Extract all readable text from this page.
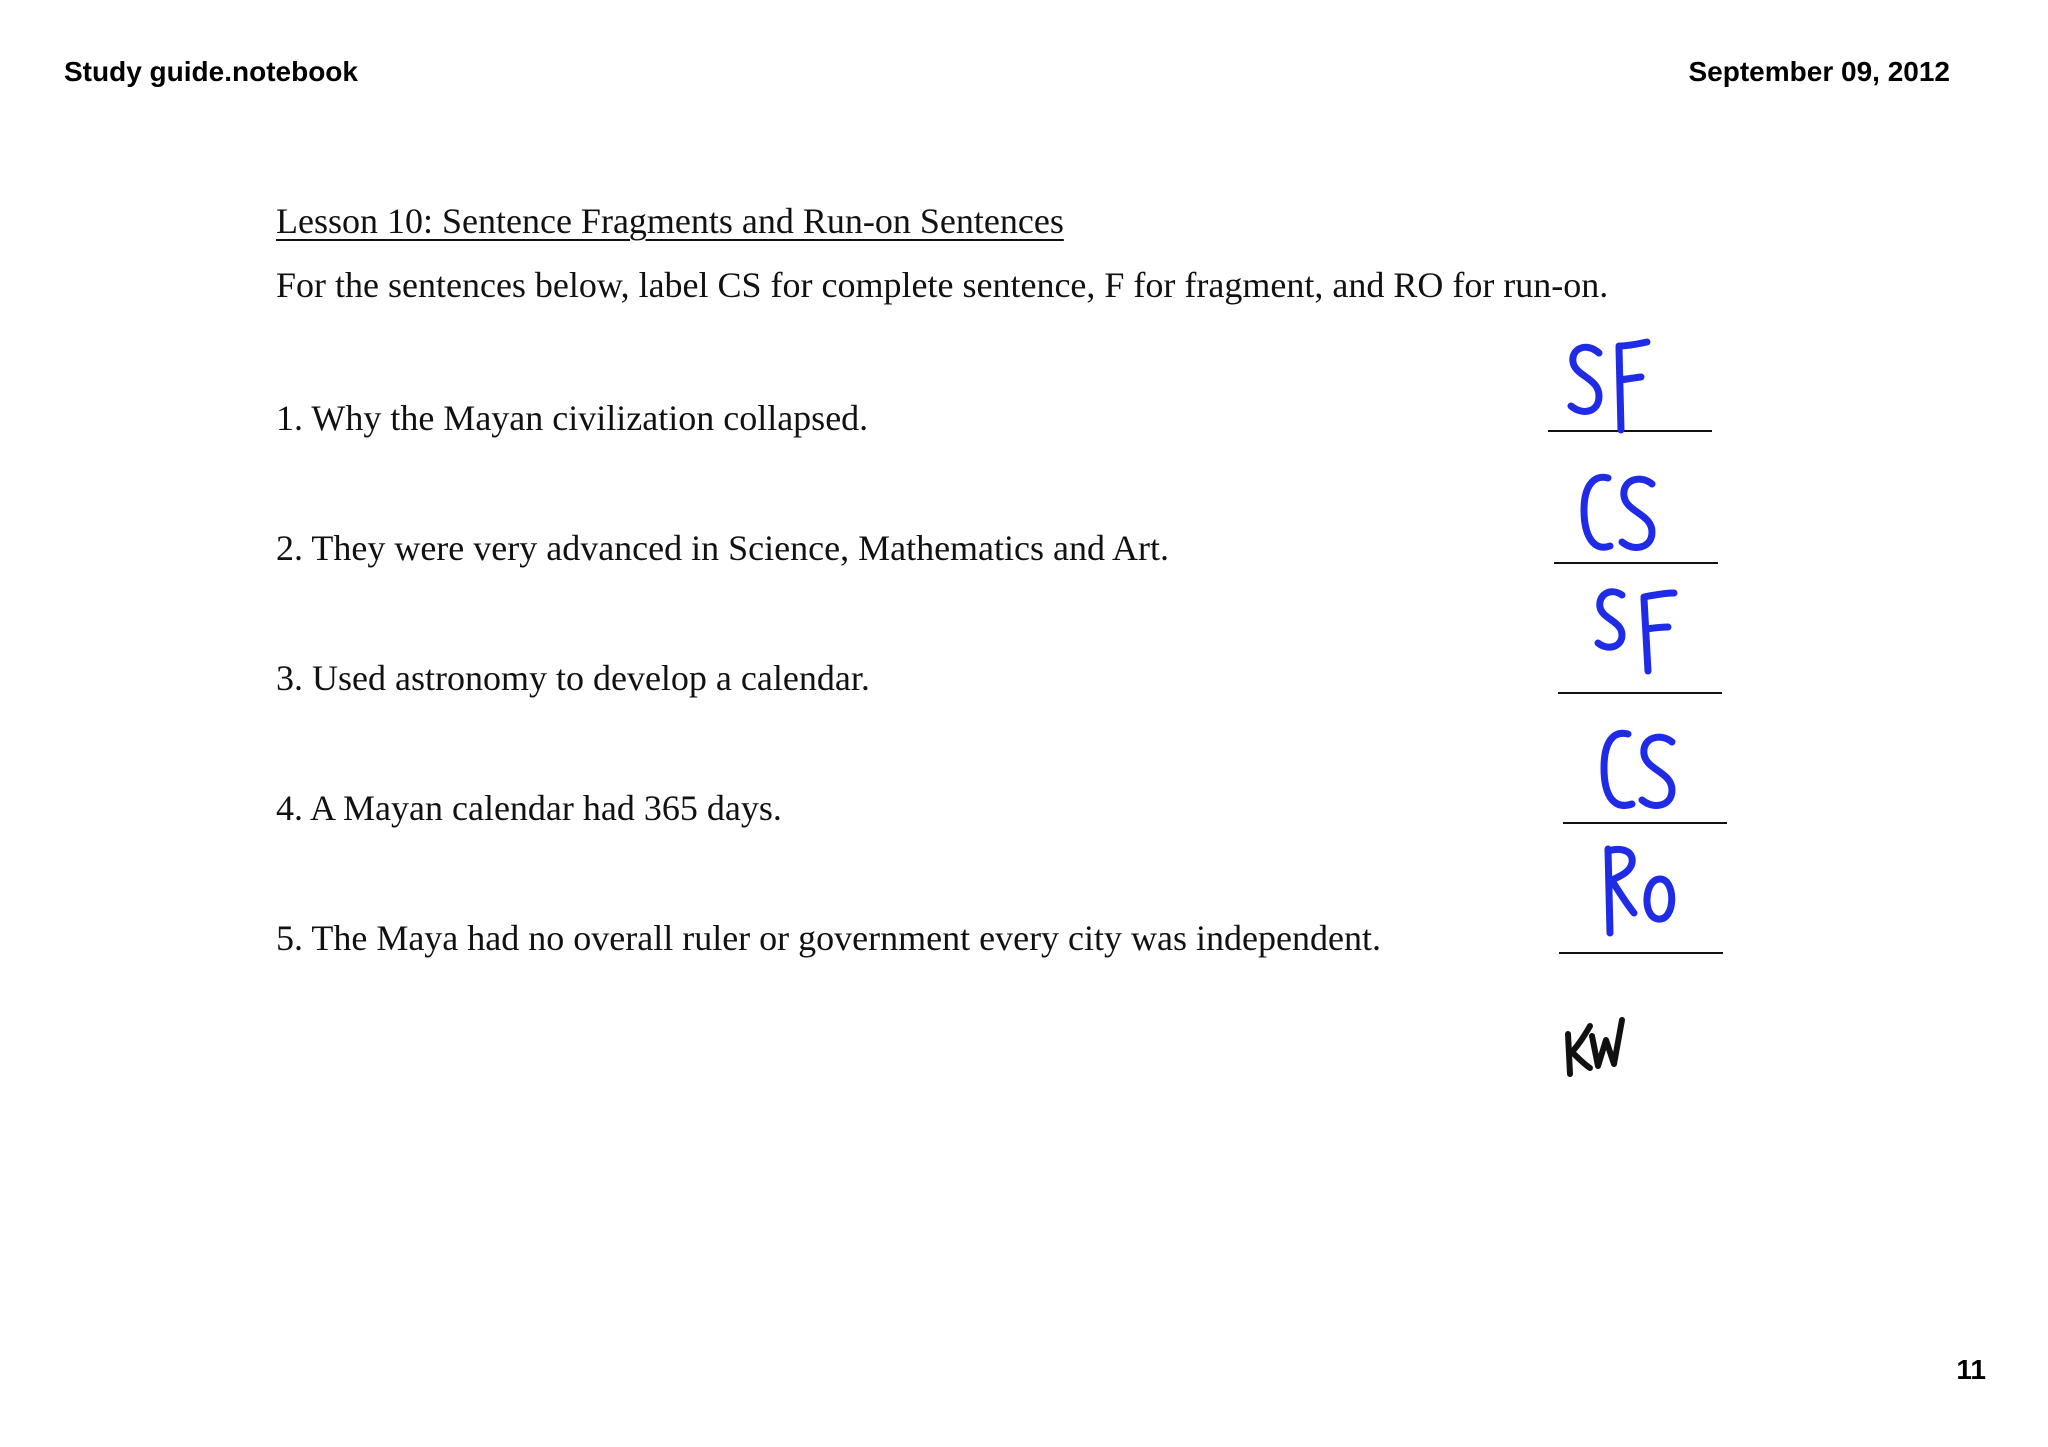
Study guide.notebook	September 09, 2012
Lesson 10: Sentence Fragments and Run-on Sentences
For the sentences below, label CS for complete sentence, F for fragment, and RO for run-on.
1. Why the Mayan civilization collapsed.
2. They were very advanced in Science, Mathematics and Art.
3. Used astronomy to develop a calendar.
4. A Mayan calendar had 365 days.
5. The Maya had no overall ruler or government every city was independent.
11
